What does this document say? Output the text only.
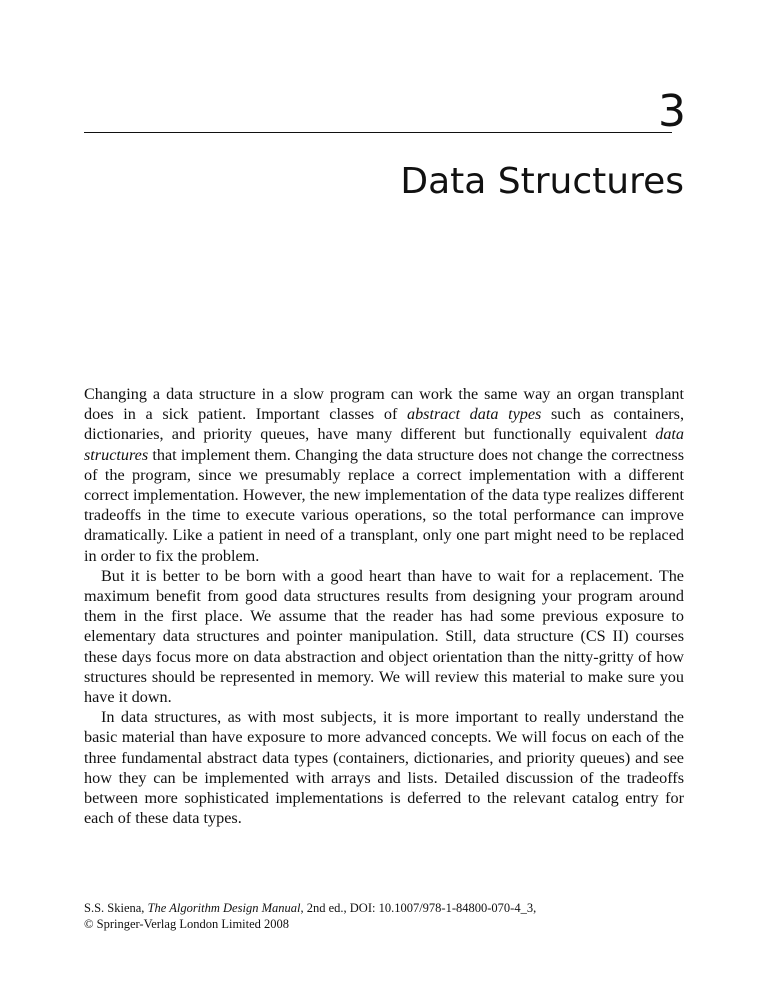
3
Data Structures

Changing a data structure in a slow program can work the same way an organ transplant does in a sick patient. Important classes of abstract data types such as containers, dictionaries, and priority queues, have many different but functionally equivalent data structures that implement them. Changing the data structure does not change the correctness of the program, since we presumably replace a correct implementation with a different correct implementation. However, the new implementation of the data type realizes different tradeoffs in the time to execute various operations, so the total performance can improve dramatically. Like a patient in need of a transplant, only one part might need to be replaced in order to fix the problem.

But it is better to be born with a good heart than have to wait for a replacement. The maximum benefit from good data structures results from designing your program around them in the first place. We assume that the reader has had some previous exposure to elementary data structures and pointer manipulation. Still, data structure (CS II) courses these days focus more on data abstraction and object orientation than the nitty-gritty of how structures should be represented in memory. We will review this material to make sure you have it down.

In data structures, as with most subjects, it is more important to really understand the basic material than have exposure to more advanced concepts. We will focus on each of the three fundamental abstract data types (containers, dictionaries, and priority queues) and see how they can be implemented with arrays and lists. Detailed discussion of the tradeoffs between more sophisticated implementations is deferred to the relevant catalog entry for each of these data types.

S.S. Skiena, The Algorithm Design Manual, 2nd ed., DOI: 10.1007/978-1-84800-070-4_3,
© Springer-Verlag London Limited 2008
